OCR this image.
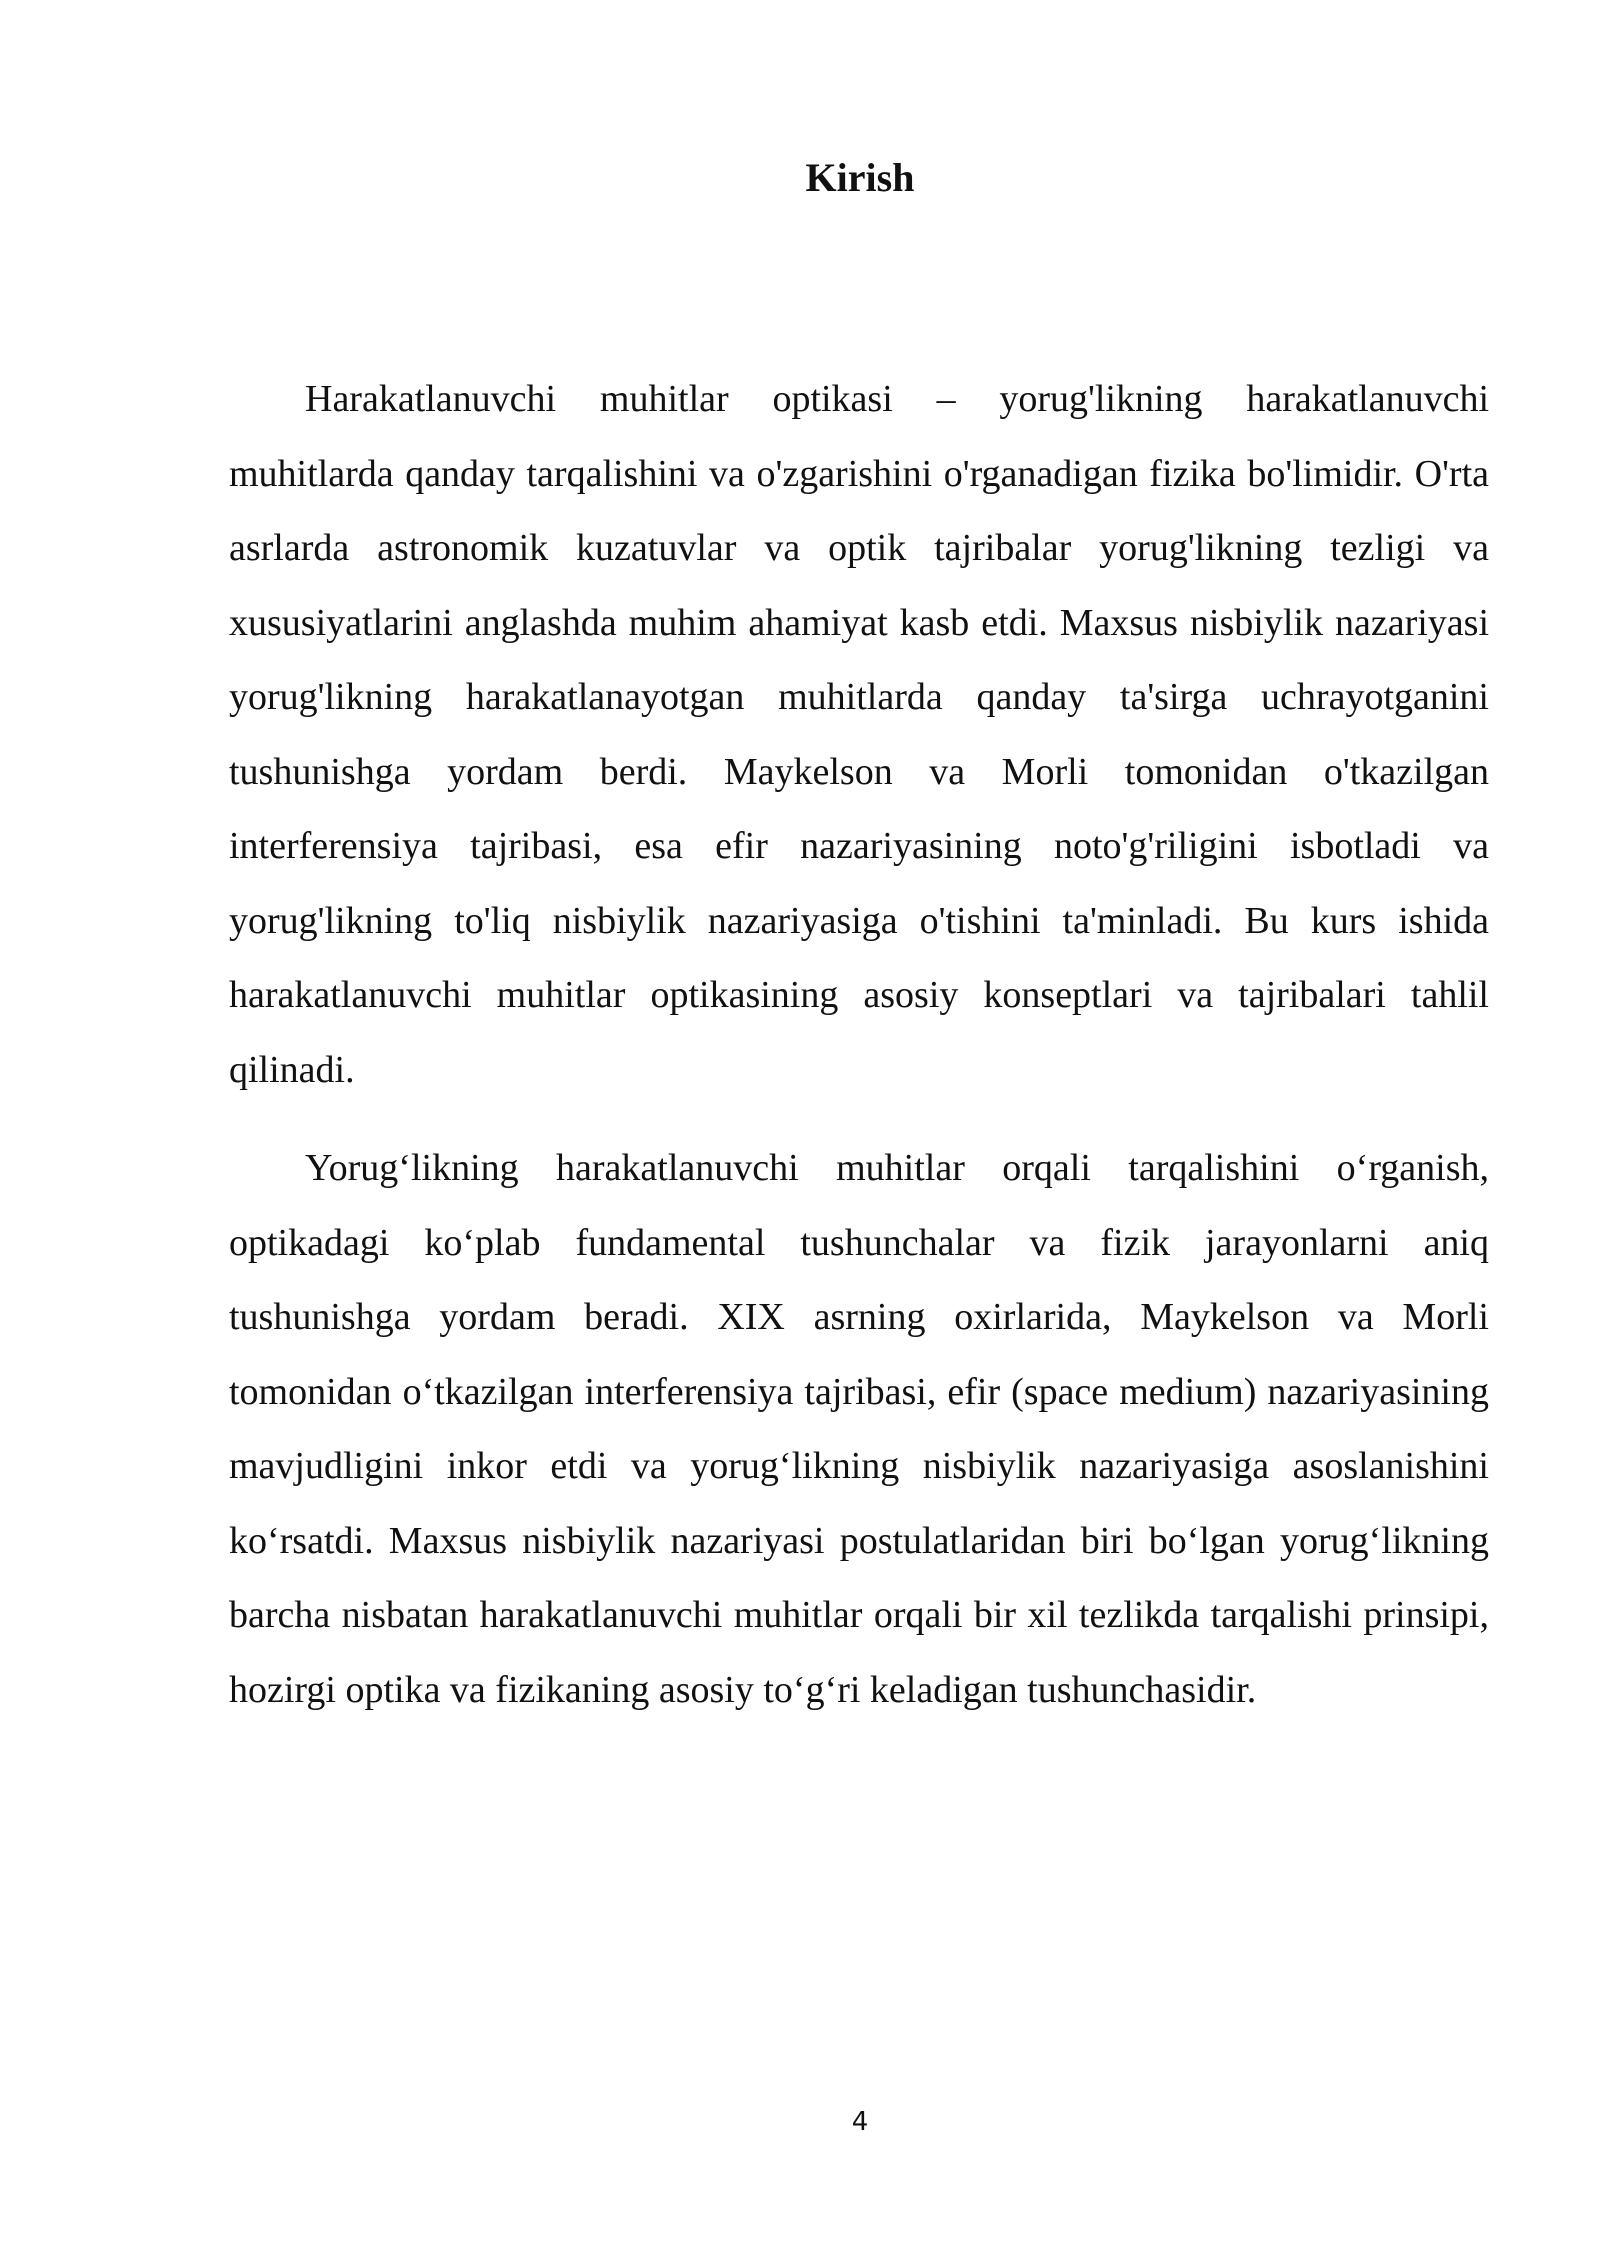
Kirish

Harakatlanuvchi muhitlar optikasi – yorug'likning harakatlanuvchi muhitlarda qanday tarqalishini va o'zgarishini o'rganadigan fizika bo'limidir. O'rta asrlarda astronomik kuzatuvlar va optik tajribalar yorug'likning tezligi va xususiyatlarini anglashda muhim ahamiyat kasb etdi. Maxsus nisbiylik nazariyasi yorug'likning harakatlanayotgan muhitlarda qanday ta'sirga uchrayotganini tushunishga yordam berdi. Maykelson va Morli tomonidan o'tkazilgan interferensiya tajribasi, esa efir nazariyasining noto'g'riligini isbotladi va yorug'likning to'liq nisbiylik nazariyasiga o'tishini ta'minladi. Bu kurs ishida harakatlanuvchi muhitlar optikasining asosiy konseptlari va tajribalari tahlil qilinadi.

Yorug‘likning harakatlanuvchi muhitlar orqali tarqalishini o‘rganish, optikadagi ko‘plab fundamental tushunchalar va fizik jarayonlarni aniq tushunishga yordam beradi. XIX asrning oxirlarida, Maykelson va Morli tomonidan o‘tkazilgan interferensiya tajribasi, efir (space medium) nazariyasining mavjudligini inkor etdi va yorug‘likning nisbiylik nazariyasiga asoslanishini ko‘rsatdi. Maxsus nisbiylik nazariyasi postulatlaridan biri bo‘lgan yorug‘likning barcha nisbatan harakatlanuvchi muhitlar orqali bir xil tezlikda tarqalishi prinsipi, hozirgi optika va fizikaning asosiy to‘g‘ri keladigan tushunchasidir.

4
